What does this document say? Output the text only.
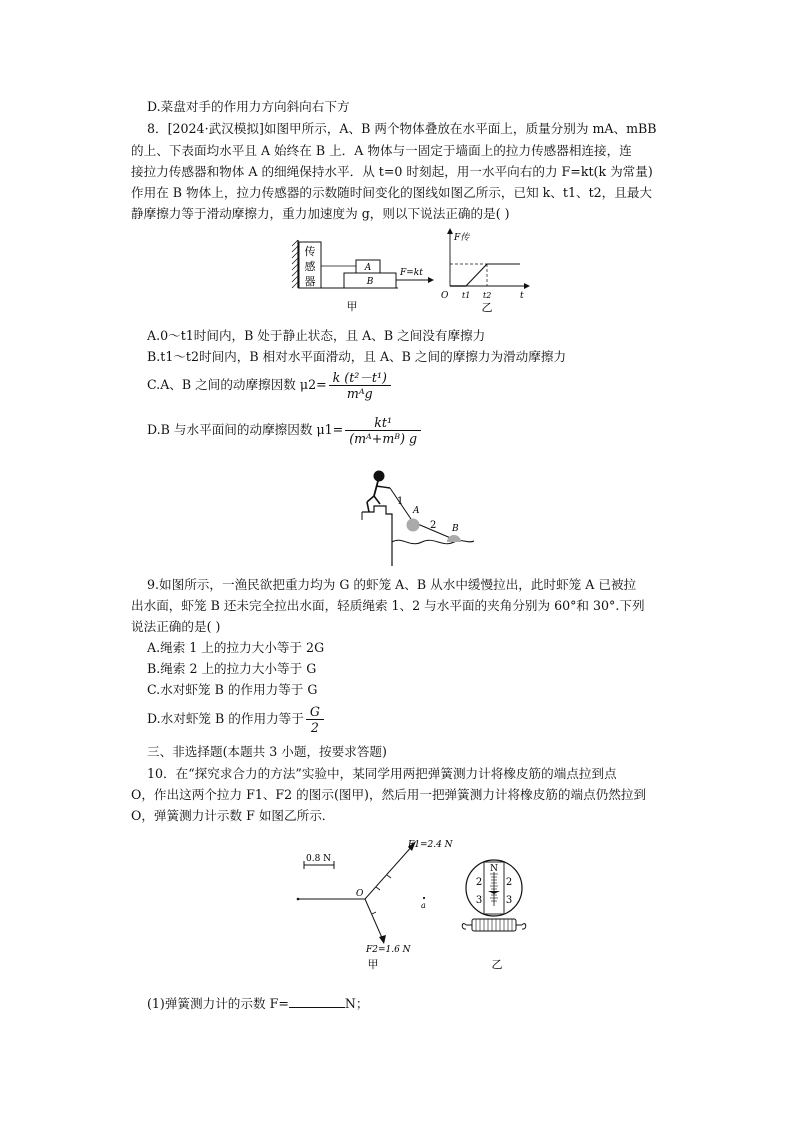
D.菜盘对手的作用力方向斜向右下方
8．[2024·武汉模拟]如图甲所示，A、B 两个物体叠放在水平面上，质量分别为 mA、mBB
的上、下表面均水平且 A 始终在 B 上．A 物体与一固定于墙面上的拉力传感器相连接，连
接拉力传感器和物体 A 的细绳保持水平．从 t=0 时刻起，用一水平向右的力 F=kt(k 为常量)
作用在 B 物体上，拉力传感器的示数随时间变化的图线如图乙所示，已知 k、t1、t2，且最大
静摩擦力等于滑动摩擦力，重力加速度为 g，则以下说法正确的是( )
传
感
器
A
B
F=kt
甲
F传
O	t
t1 t2
乙
A.0～t1时间内，B 处于静止状态，且 A、B 之间没有摩擦力
B.t1～t2时间内，B 相对水平面滑动，且 A、B 之间的摩擦力为滑动摩擦力
C.A、B 之间的动摩擦因数 $\mu 2= \frac{\text{k (t²－t¹)}}{\text{mᴬg}}$
D.B 与水平面间的动摩擦因数 $\mu 1= \frac{\text{kt¹}}{\text{(mᴬ+mᴮ) g}}$
1
2
A
B
9.如图所示，一渔民欲把重力均为 G 的虾笼 A、B 从水中缓慢拉出，此时虾笼 A 已被拉
出水面，虾笼 B 还未完全拉出水面，轻质绳索 1、2 与水平面的夹角分别为 60°和 30°.下列
说法正确的是( )
A.绳索 1 上的拉力大小等于 2G
B.绳索 2 上的拉力大小等于 G
C.水对虾笼 B 的作用力等于 G
D.水对虾笼 B 的作用力等于 $\frac{G}{2}$
三、非选择题(本题共 3 小题，按要求答题)
10．在“探究求合力的方法”实验中，某同学用两把弹簧测力计将橡皮筋的端点拉到点
O，作出这两个拉力 F1、F2 的图示(图甲)，然后用一把弹簧测力计将橡皮筋的端点仍然拉到
O，弹簧测力计示数 F 如图乙所示．
0.8 N
O
F1=2.4 N
F2=1.6 N
a
甲
N
2 2
3 3
乙
(1)弹簧测力计的示数 F=	N；
